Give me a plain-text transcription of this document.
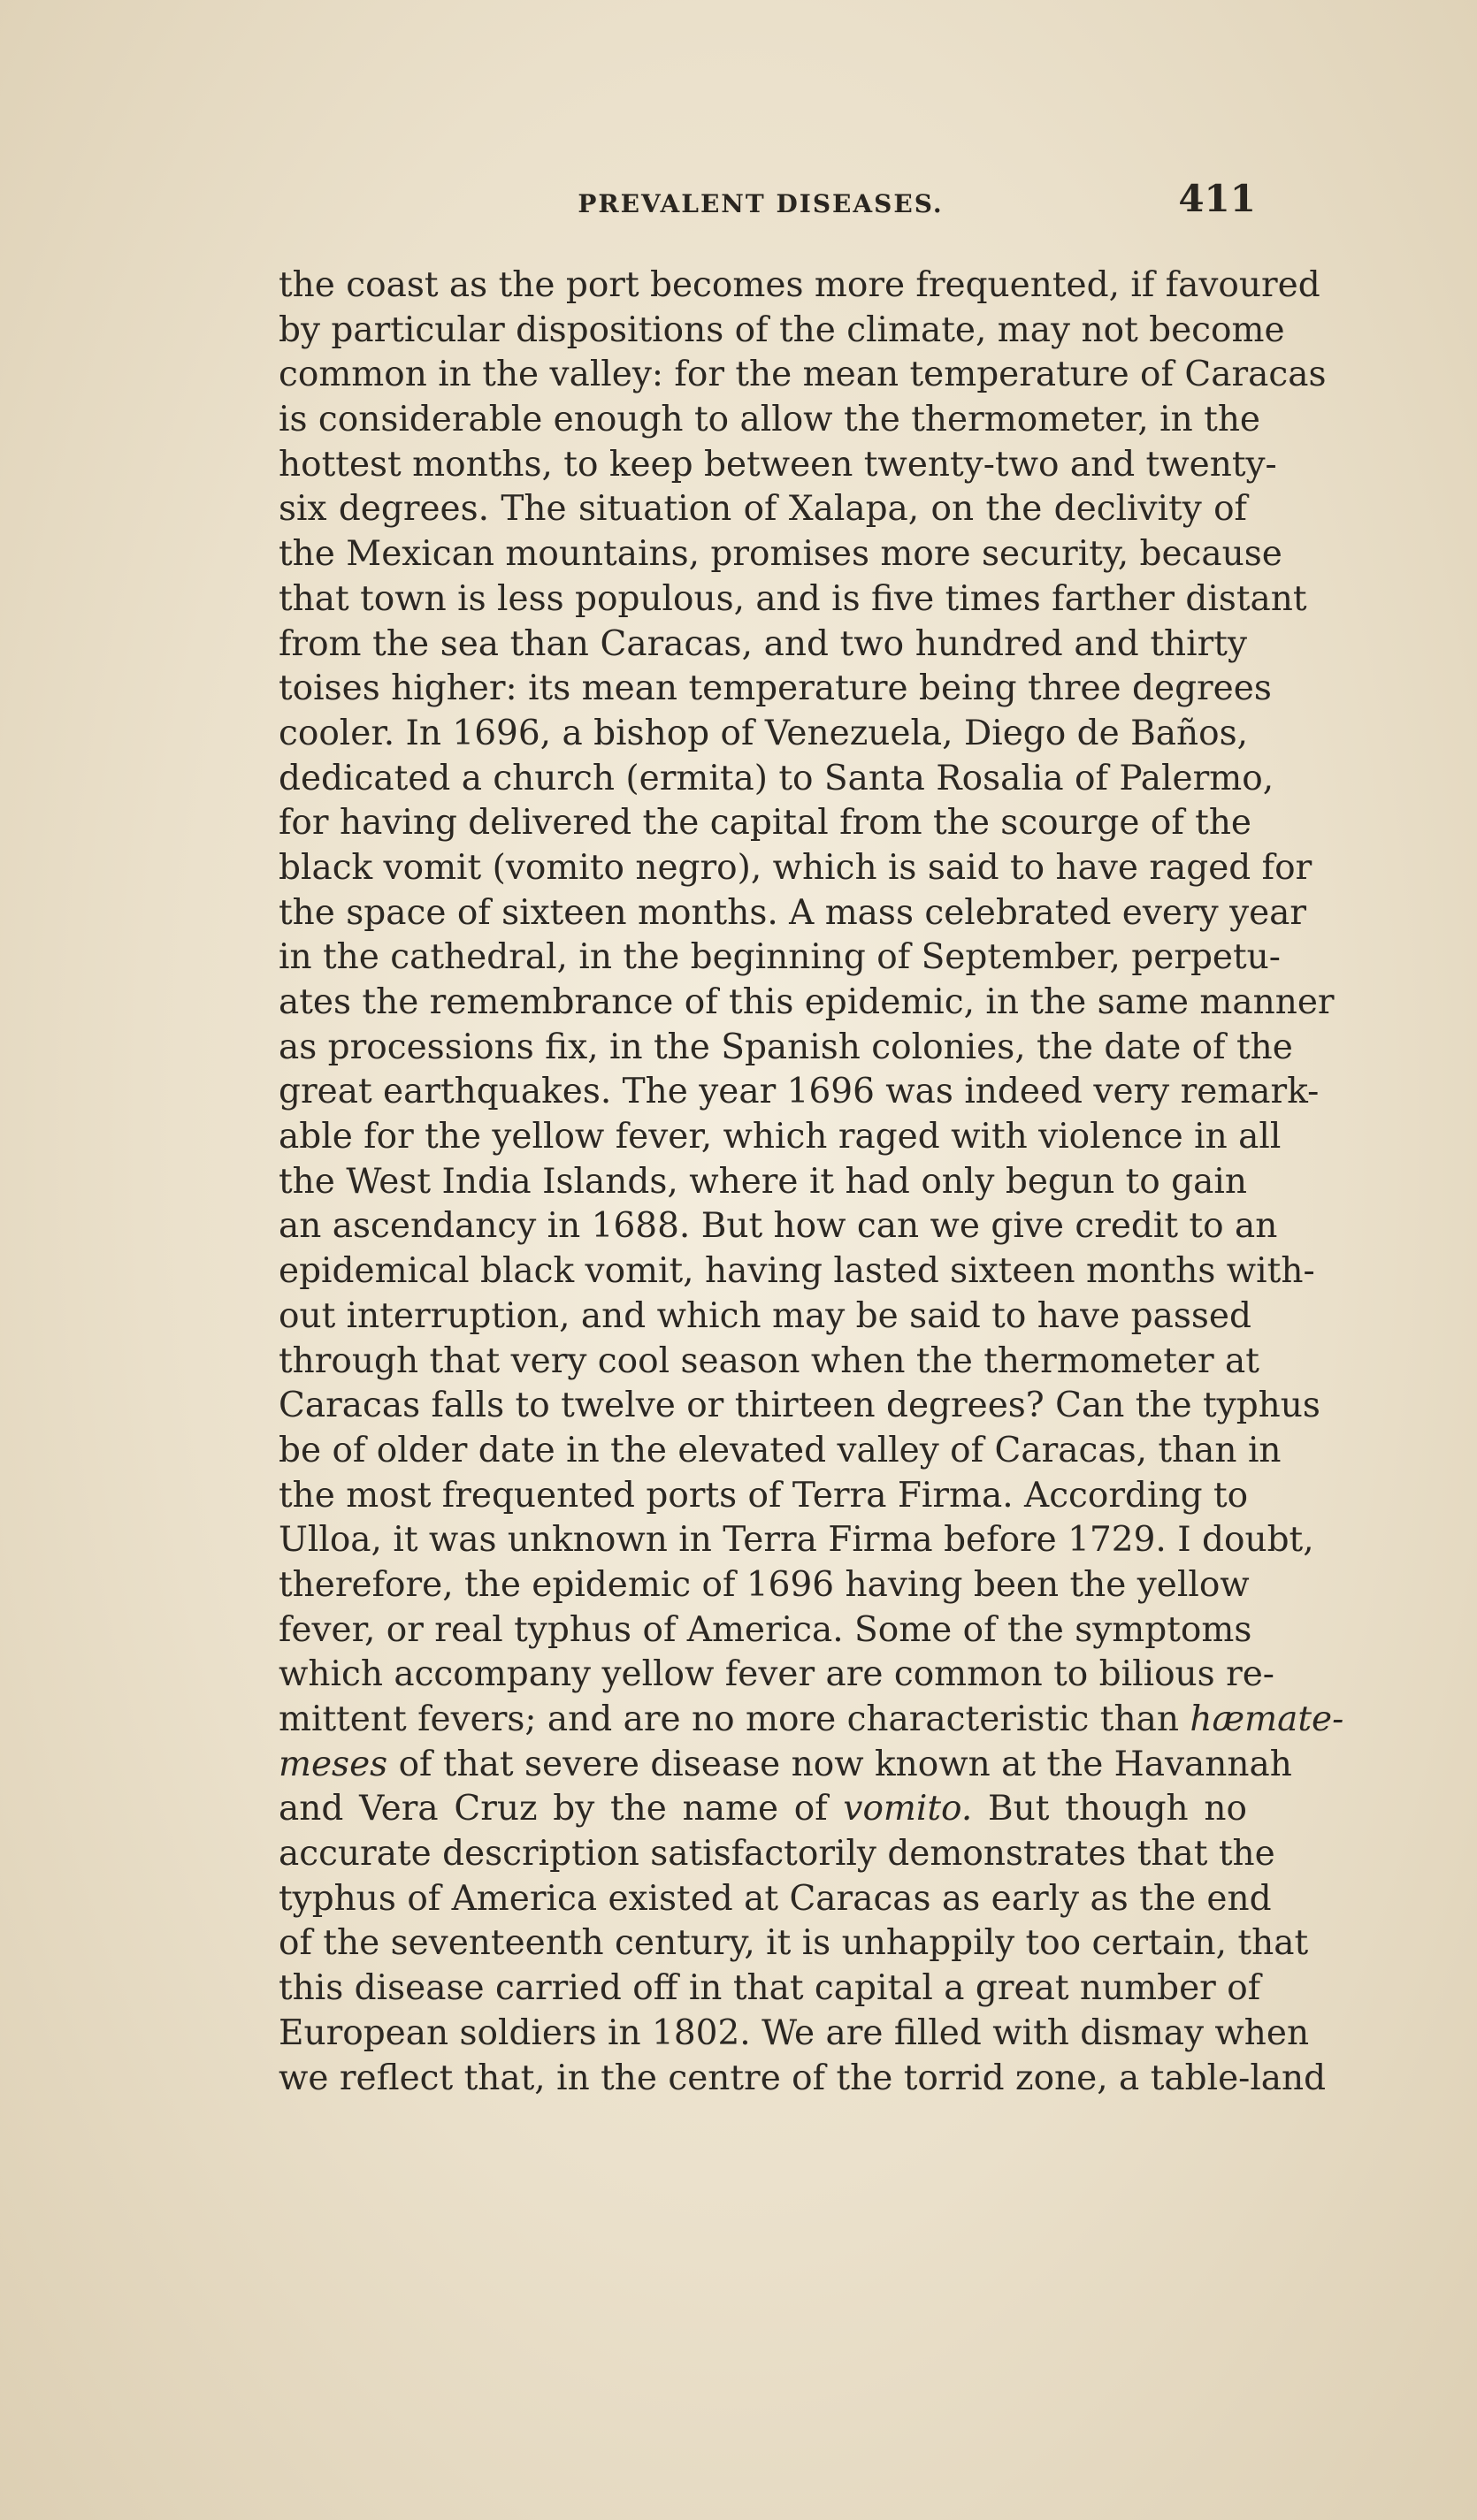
PREVALENT DISEASES.	411
the coast as the port becomes more frequented, if favoured
by particular dispositions of the climate, may not become
common in the valley: for the mean temperature of Caracas
is considerable enough to allow the thermometer, in the
hottest months, to keep between twenty-two and twenty-
six degrees. The situation of Xalapa, on the declivity of
the Mexican mountains, promises more security, because
that town is less populous, and is five times farther distant
from the sea than Caracas, and two hundred and thirty
toises higher: its mean temperature being three degrees
cooler. In 1696, a bishop of Venezuela, Diego de Baños,
dedicated a church (ermita) to Santa Rosalia of Palermo,
for having delivered the capital from the scourge of the
black vomit (vomito negro), which is said to have raged for
the space of sixteen months. A mass celebrated every year
in the cathedral, in the beginning of September, perpetu-
ates the remembrance of this epidemic, in the same manner
as processions fix, in the Spanish colonies, the date of the
great earthquakes. The year 1696 was indeed very remark-
able for the yellow fever, which raged with violence in all
the West India Islands, where it had only begun to gain
an ascendancy in 1688. But how can we give credit to an
epidemical black vomit, having lasted sixteen months with-
out interruption, and which may be said to have passed
through that very cool season when the thermometer at
Caracas falls to twelve or thirteen degrees? Can the typhus
be of older date in the elevated valley of Caracas, than in
the most frequented ports of Terra Firma. According to
Ulloa, it was unknown in Terra Firma before 1729. I doubt,
therefore, the epidemic of 1696 having been the yellow
fever, or real typhus of America. Some of the symptoms
which accompany yellow fever are common to bilious re-
mittent fevers; and are no more characteristic than hæmate-
meses of that severe disease now known at the Havannah
and Vera Cruz by the name of vomito. But though no
accurate description satisfactorily demonstrates that the
typhus of America existed at Caracas as early as the end
of the seventeenth century, it is unhappily too certain, that
this disease carried off in that capital a great number of
European soldiers in 1802. We are filled with dismay when
we reflect that, in the centre of the torrid zone, a table-land
